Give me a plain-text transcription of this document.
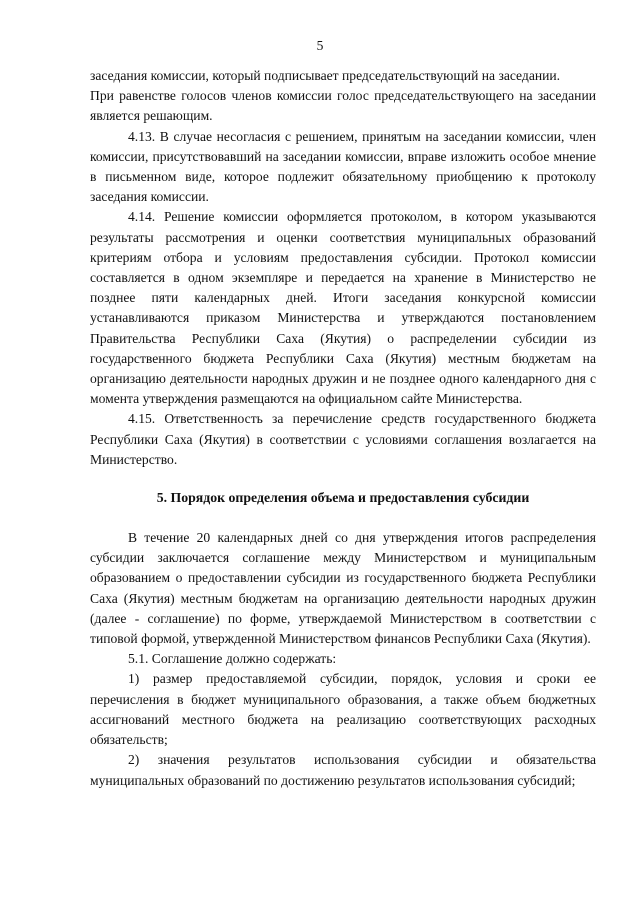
5

заседания комиссии, который подписывает председательствующий на заседании.

При равенстве голосов членов комиссии голос председательствующего на заседании является решающим.

4.13. В случае несогласия с решением, принятым на заседании комиссии, член комиссии, присутствовавший на заседании комиссии, вправе изложить особое мнение в письменном виде, которое подлежит обязательному приобщению к протоколу заседания комиссии.

4.14. Решение комиссии оформляется протоколом, в котором указываются результаты рассмотрения и оценки соответствия муниципальных образований критериям отбора и условиям предоставления субсидии. Протокол комиссии составляется в одном экземпляре и передается на хранение в Министерство не позднее пяти календарных дней. Итоги заседания конкурсной комиссии устанавливаются приказом Министерства и утверждаются постановлением Правительства Республики Саха (Якутия) о распределении субсидии из государственного бюджета Республики Саха (Якутия) местным бюджетам на организацию деятельности народных дружин и не позднее одного календарного дня с момента утверждения размещаются на официальном сайте Министерства.

4.15. Ответственность за перечисление средств государственного бюджета Республики Саха (Якутия) в соответствии с условиями соглашения возлагается на Министерство.

5. Порядок определения объема и предоставления субсидии

В течение 20 календарных дней со дня утверждения итогов распределения субсидии заключается соглашение между Министерством и муниципальным образованием о предоставлении субсидии из государственного бюджета Республики Саха (Якутия) местным бюджетам на организацию деятельности народных дружин (далее - соглашение) по форме, утверждаемой Министерством в соответствии с типовой формой, утвержденной Министерством финансов Республики Саха (Якутия).

5.1. Соглашение должно содержать:

1) размер предоставляемой субсидии, порядок, условия и сроки ее перечисления в бюджет муниципального образования, а также объем бюджетных ассигнований местного бюджета на реализацию соответствующих расходных обязательств;

2) значения результатов использования субсидии и обязательства муниципальных образований по достижению результатов использования субсидий;
